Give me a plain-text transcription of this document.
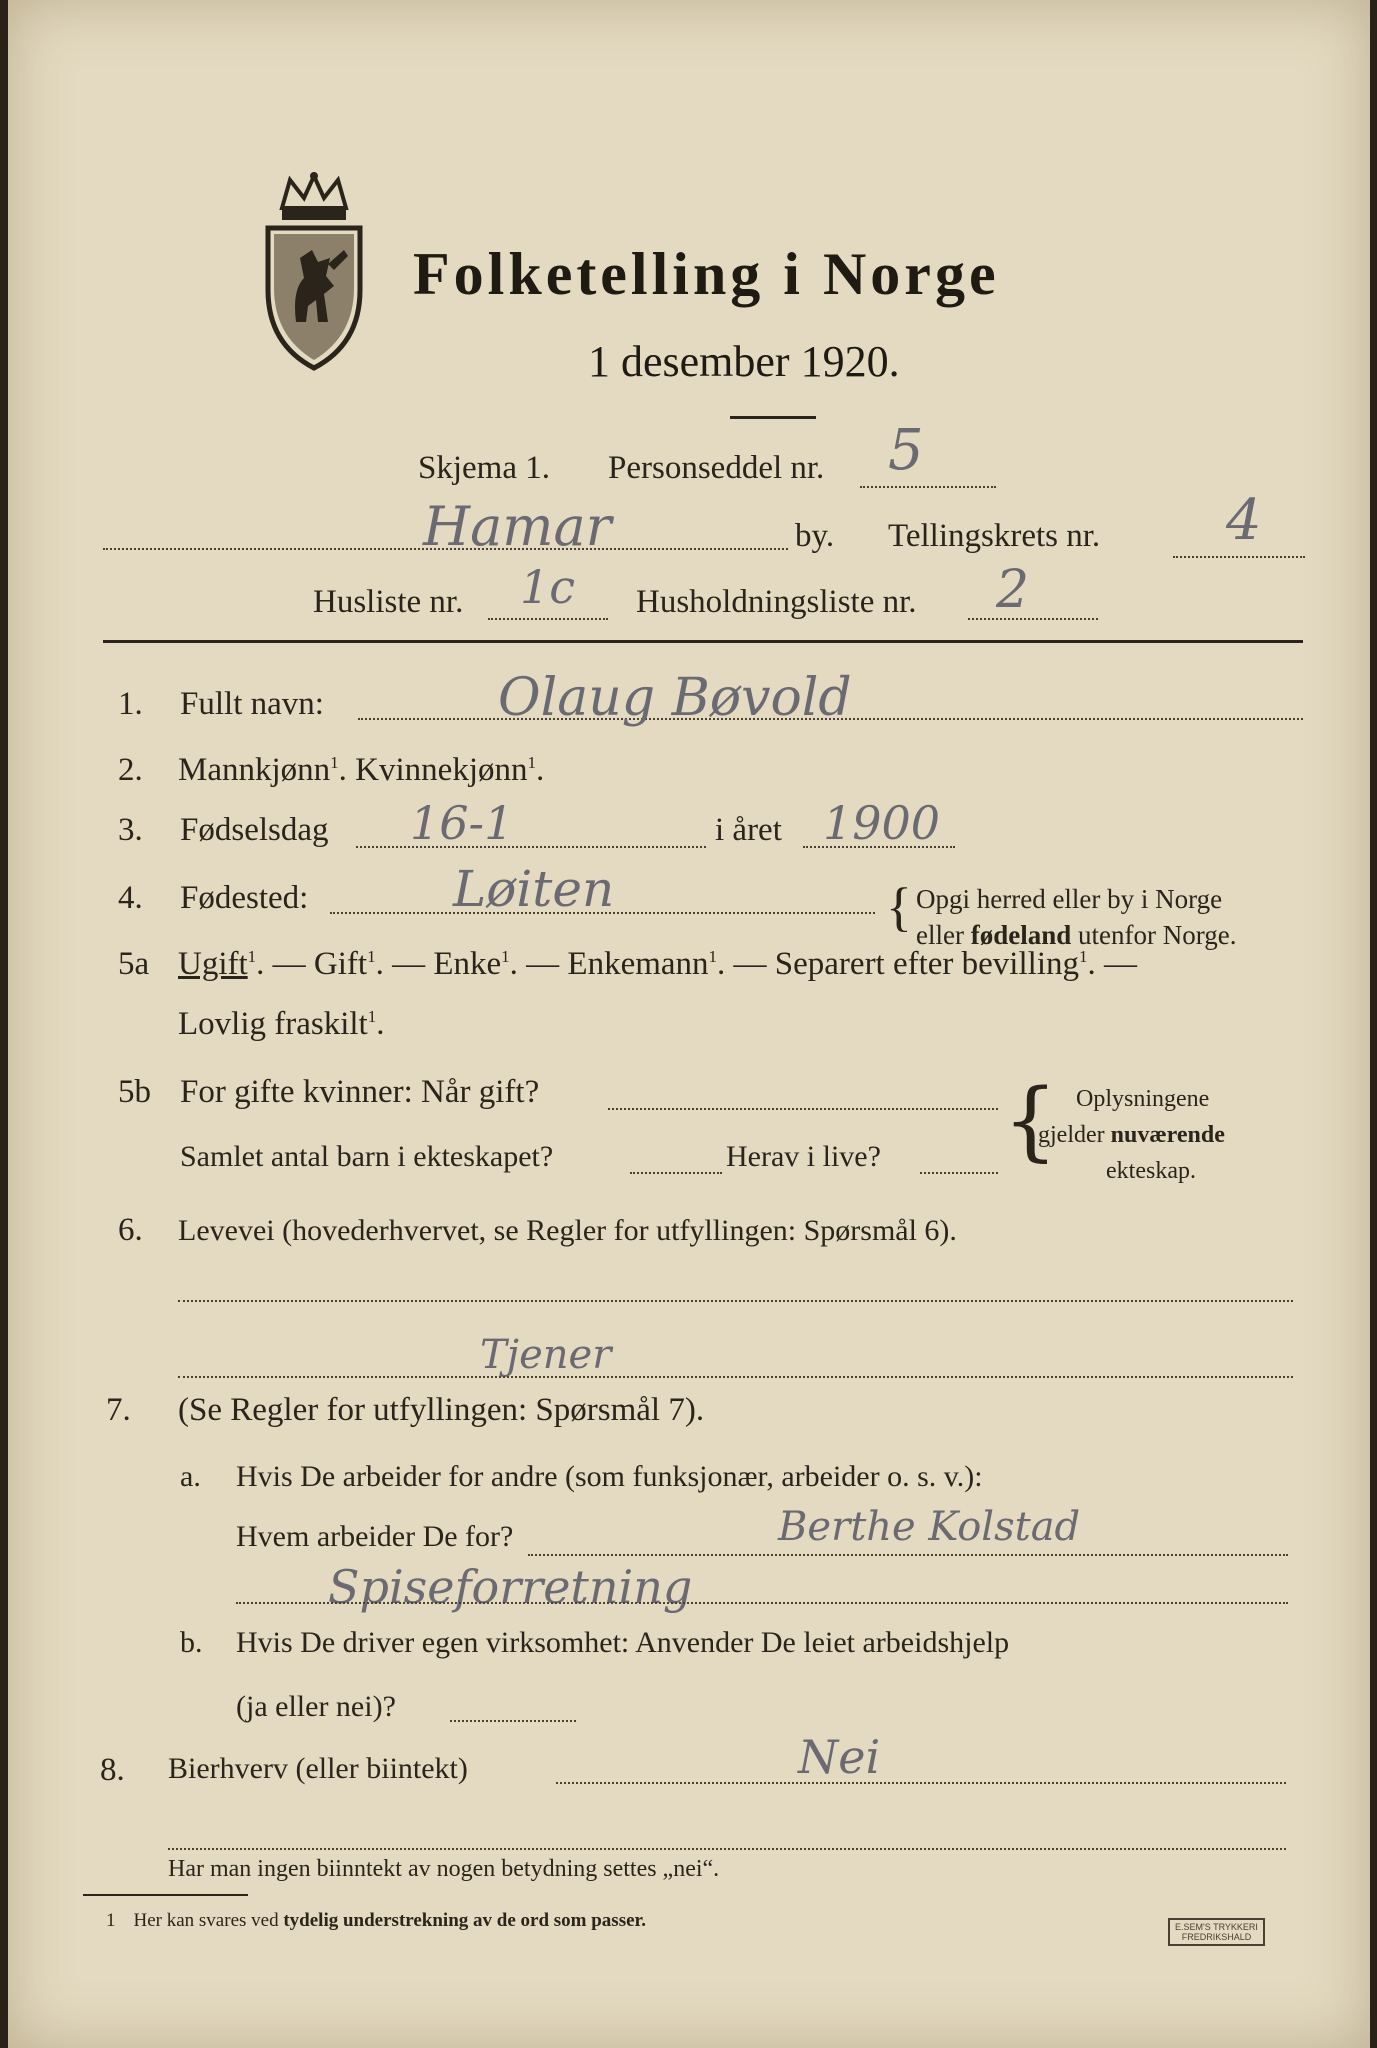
Folketelling i Norge
1 desember 1920.
Skjema 1. Personseddel nr. 5
Hamar	by. Tellingskrets nr. 4
Husliste nr. 1c Husholdningsliste nr. 2
1. Fullt navn:	Olaug Bøvold
2. Mannkjønn$^1$. Kvinnekjønn$^1$.
3. Fødselsdag 16-1	i året 1900
4. Fødested:	Løiten	{ Opgi herred eller by i Norge
eller fødeland utenfor Norge.
5a Ugift$^1$. — Gift$^1$. — Enke$^1$. — Enkemann$^1$. — Separert efter bevilling$^1$. —
Lovlig fraskilt$^1$.
5b For gifte kvinner: Når gift?
Samlet antal barn i ekteskapet?	Herav i live? { Oplysningene
gjelder nuværende
ekteskap.
6. Levevei (hovederhvervet, se Regler for utfyllingen: Spørsmål 6).
Tjener
7. (Se Regler for utfyllingen: Spørsmål 7).
a. Hvis De arbeider for andre (som funksjonær, arbeider o. s. v.):
Hvem arbeider De for?	Berthe Kolstad
Spiseforretning
b. Hvis De driver egen virksomhet: Anvender De leiet arbeidshjelp
(ja eller nei)?
8. Bierhverv (eller biintekt)	Nei
Har man ingen biinntekt av nogen betydning settes „nei“.
1 Her kan svares ved tydelig understrekning av de ord som passer.	E.SEM'S TRYKKERI
FREDRIKSHALD
